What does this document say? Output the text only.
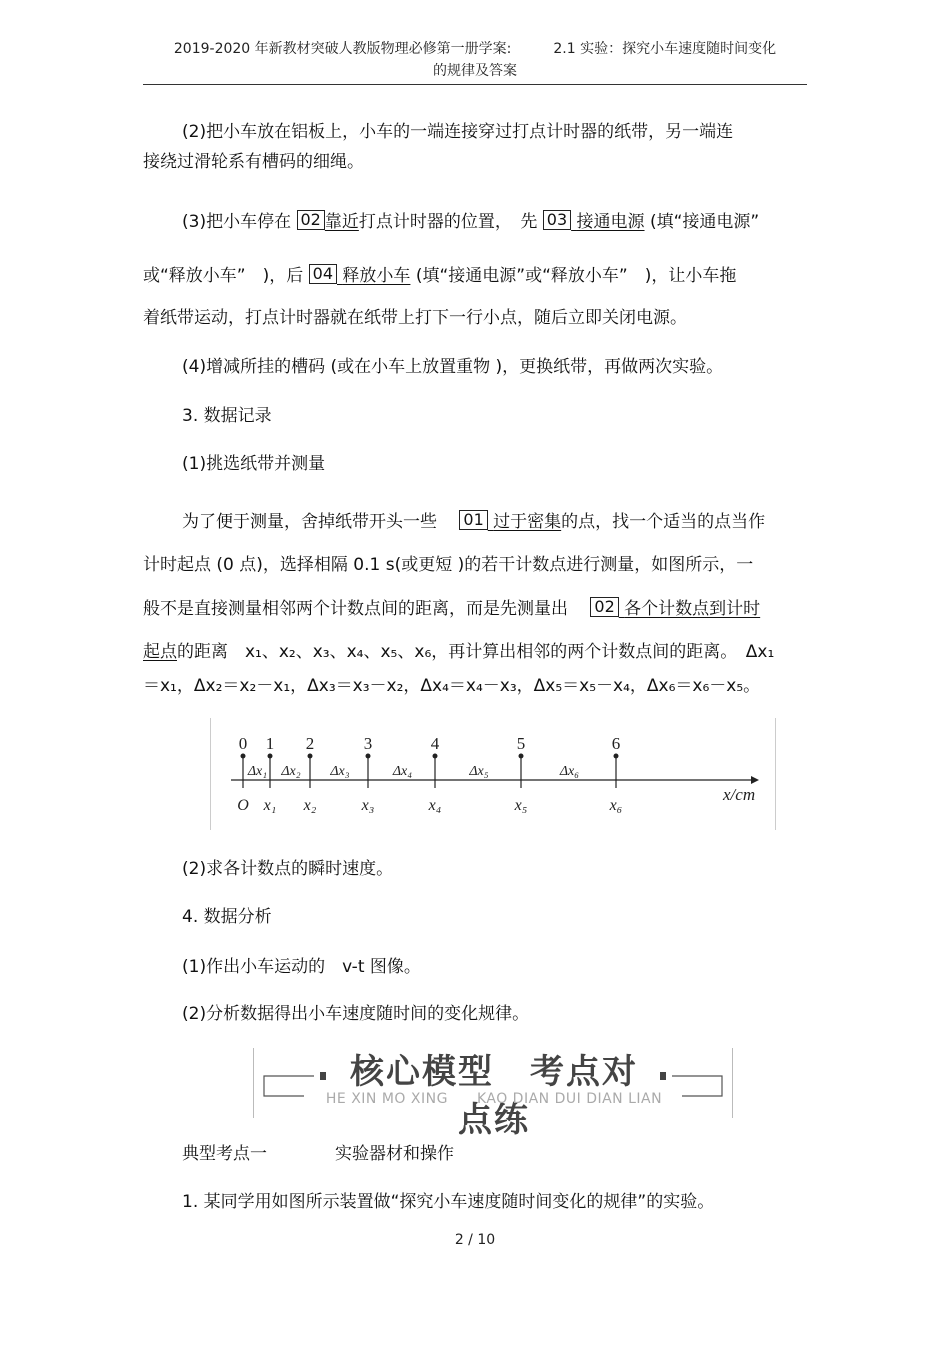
2019-2020 年新教材突破人教版物理必修第一册学案:　　　2.1 实验：探究小车速度随时间变化
的规律及答案
(2)把小车放在铝板上，小车的一端连接穿过打点计时器的纸带，另一端连
接绕过滑轮系有槽码的细绳。
(3)把小车停在 02 靠近打点计时器的位置，　先 03 接通电源 (填“接通电源”
或“释放小车”　)，后 04 释放小车 (填“接通电源”或“释放小车”　)，让小车拖
着纸带运动，打点计时器就在纸带上打下一行小点，随后立即关闭电源。
(4)增减所挂的槽码 (或在小车上放置重物 )，更换纸带，再做两次实验。
3. 数据记录
(1)挑选纸带并测量
为了便于测量，舍掉纸带开头一些　 01 过于密集的点，找一个适当的点当作
计时起点 (0 点)，选择相隔 0.1 s(或更短 )的若干计数点进行测量，如图所示，一
般不是直接测量相邻两个计数点间的距离，而是先测量出　 02 各个计数点到计时
起点的距离　x₁、x₂、x₃、x₄、x₅、x₆，再计算出相邻的两个计数点间的距离。　Δx₁
＝x₁，Δx₂＝x₂－x₁，Δx₃＝x₃－x₂，Δx₄＝x₄－x₃，Δx₅＝x₅－x₄，Δx₆＝x₆－x₅。
x/cm
0
O
1
x₁
2
x₂
3
x₃
4
x₄
5
x₅
6
x₆
Δx₁ Δx₂ Δx₃	Δx₄	Δx₅	Δx₆
(2)求各计数点的瞬时速度。
4. 数据分析
(1)作出小车运动的　v-t 图像。
(2)分析数据得出小车速度随时间的变化规律。
核心模型　考点对点练
HE XIN MO XING　　KAO DIAN DUI DIAN LIAN
典型考点一	实验器材和操作
1. 某同学用如图所示装置做“探究小车速度随时间变化的规律”的实验。
2 / 10
